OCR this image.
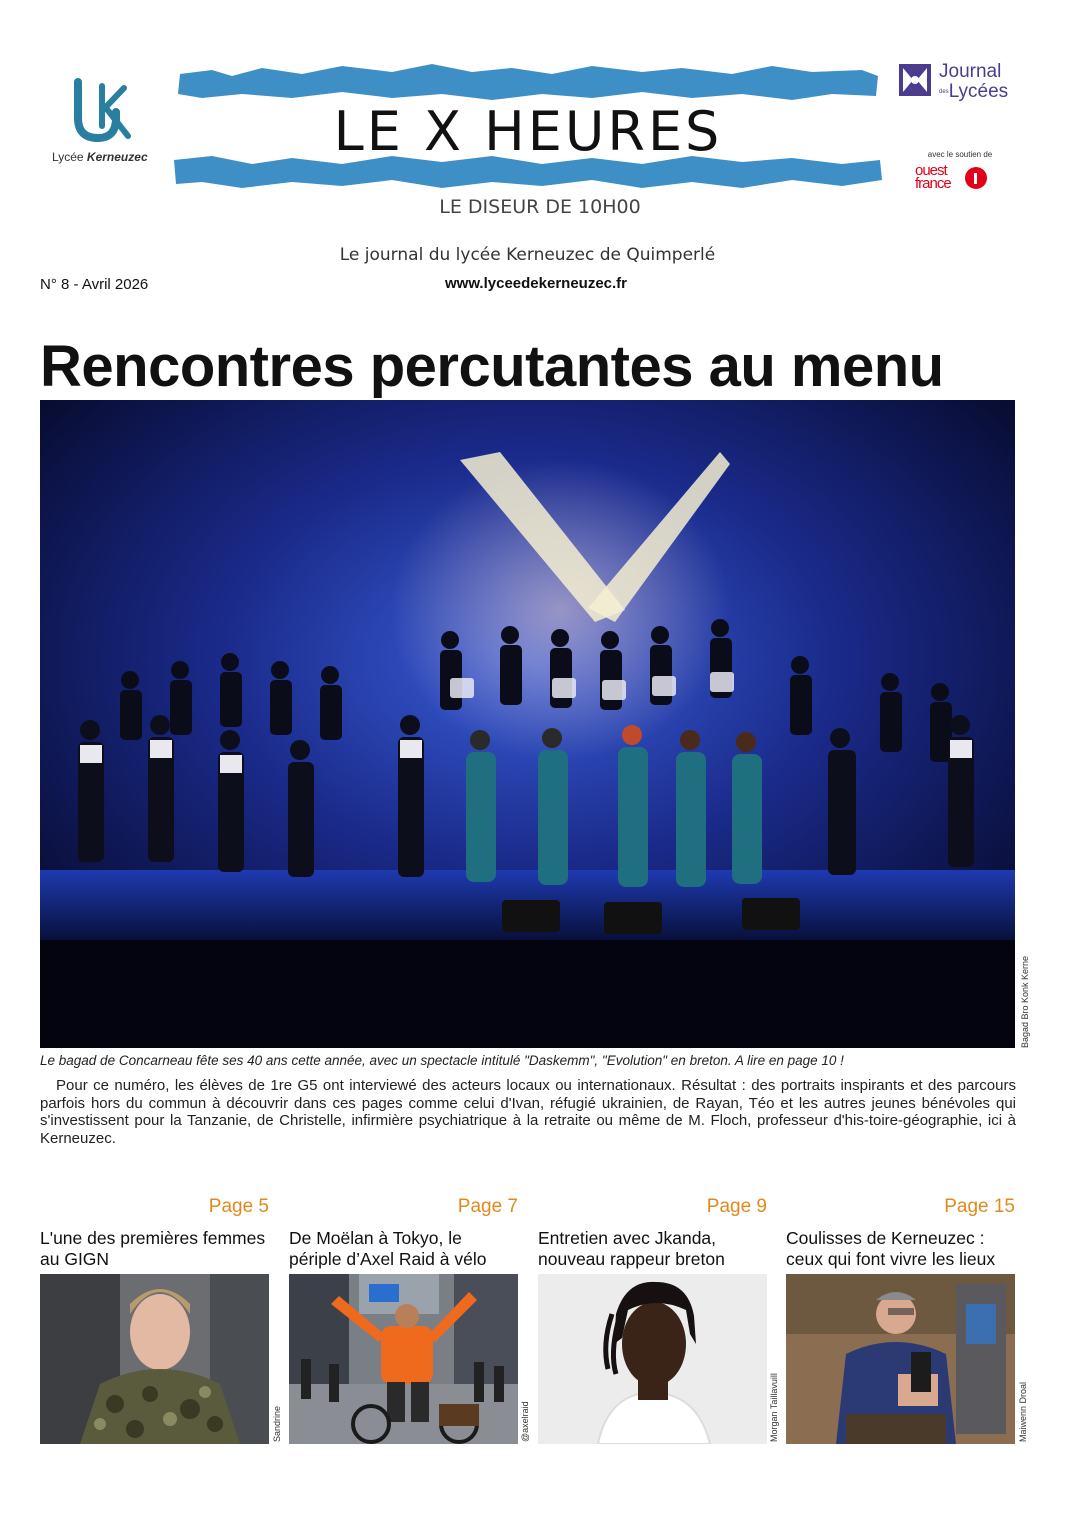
Lycée Kerneuzec	LE X HEURES
LE DISEUR DE 10H00
Le journal du lycée Kerneuzec de Quimperlé
Journal
desLycées
avec le soutien de
ouest
france
N° 8 - Avril 2026	www.lyceedekerneuzec.fr
Rencontres percutantes au menu
Bagad Bro Konk Kerne
Le bagad de Concarneau fête ses 40 ans cette année, avec un spectacle intitulé "Daskemm", "Evolution" en breton. A lire en page 10 !

Pour ce numéro, les élèves de 1re G5 ont interviewé des acteurs locaux ou internationaux. Résultat : des portraits inspirants et des parcours parfois hors du commun à découvrir dans ces pages comme celui d'Ivan, réfugié ukrainien, de Rayan, Téo et les autres jeunes bénévoles qui s'investissent pour la Tanzanie, de Christelle, infirmière psychiatrique à la retraite ou même de M. Floch, professeur d'his-toire-géographie, ici à Kerneuzec.

Page 5
L'une des premières femmes
au GIGN
Sandrine
Page 7
De Moëlan à Tokyo, le
périple d’Axel Raid à vélo
@axelraid
Page 9
Entretien avec Jkanda,
nouveau rappeur breton
Morgan Taillavuill
Page 15
Coulisses de Kerneuzec :
ceux qui font vivre les lieux
Maiwenn Droal
